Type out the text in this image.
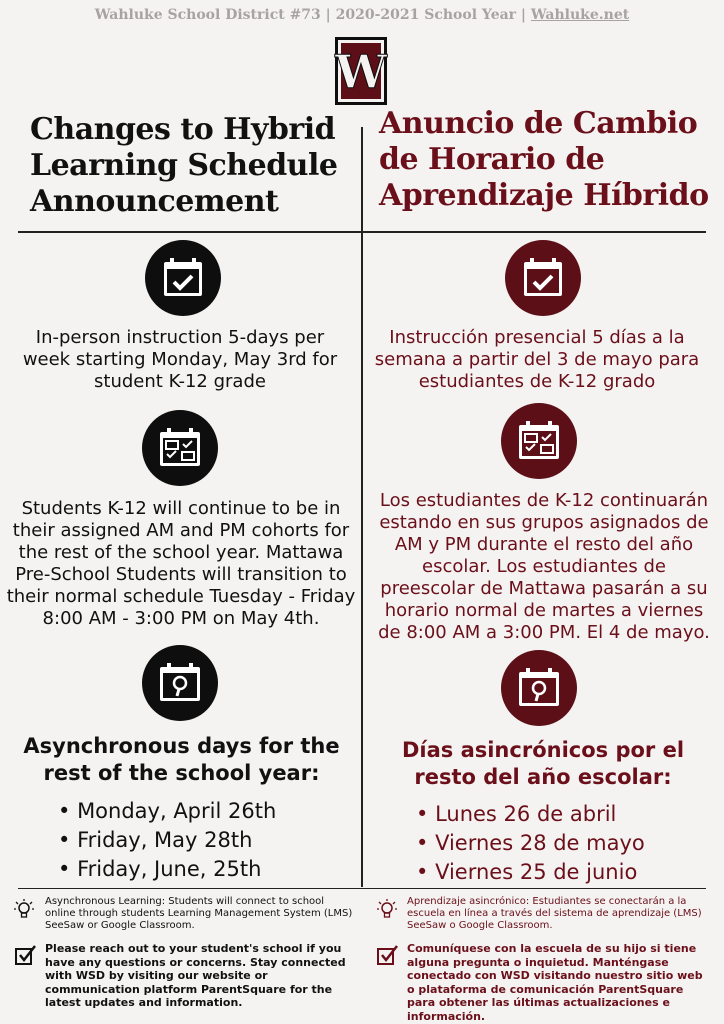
Wahluke School District #73 | 2020-2021 School Year | Wahluke.net
W
Changes to Hybrid Learning Schedule Announcement
Anuncio de Cambio de Horario de Aprendizaje Híbrido
In-person instruction 5-days per week starting Monday, May 3rd for student K-12 grade
Instrucción presencial 5 días a la semana a partir del 3 de mayo para estudiantes de K-12 grado
Students K-12 will continue to be in their assigned AM and PM cohorts for the rest of the school year. Mattawa Pre-School Students will transition to their normal schedule Tuesday - Friday 8:00 AM - 3:00 PM on May 4th.
Los estudiantes de K-12 continuarán estando en sus grupos asignados de AM y PM durante el resto del año escolar. Los estudiantes de preescolar de Mattawa pasarán a su horario normal de martes a viernes de 8:00 AM a 3:00 PM. El 4 de mayo.
Asynchronous days for the rest of the school year:
Días asincrónicos por el resto del año escolar:
• Monday, April 26th
• Friday, May 28th
• Friday, June, 25th
• Lunes 26 de abril
• Viernes 28 de mayo
• Viernes 25 de junio
Asynchronous Learning: Students will connect to school online through students Learning Management System (LMS) SeeSaw or Google Classroom.
Aprendizaje asincrónico: Estudiantes se conectarán a la escuela en línea a través del sistema de aprendizaje (LMS) SeeSaw o Google Classroom.
Please reach out to your student's school if you have any questions or concerns. Stay connected with WSD by visiting our website or communication platform ParentSquare for the latest updates and information.
Comuníquese con la escuela de su hijo si tiene alguna pregunta o inquietud. Manténgase conectado con WSD visitando nuestro sitio web o plataforma de comunicación ParentSquare para obtener las últimas actualizaciones e información.
